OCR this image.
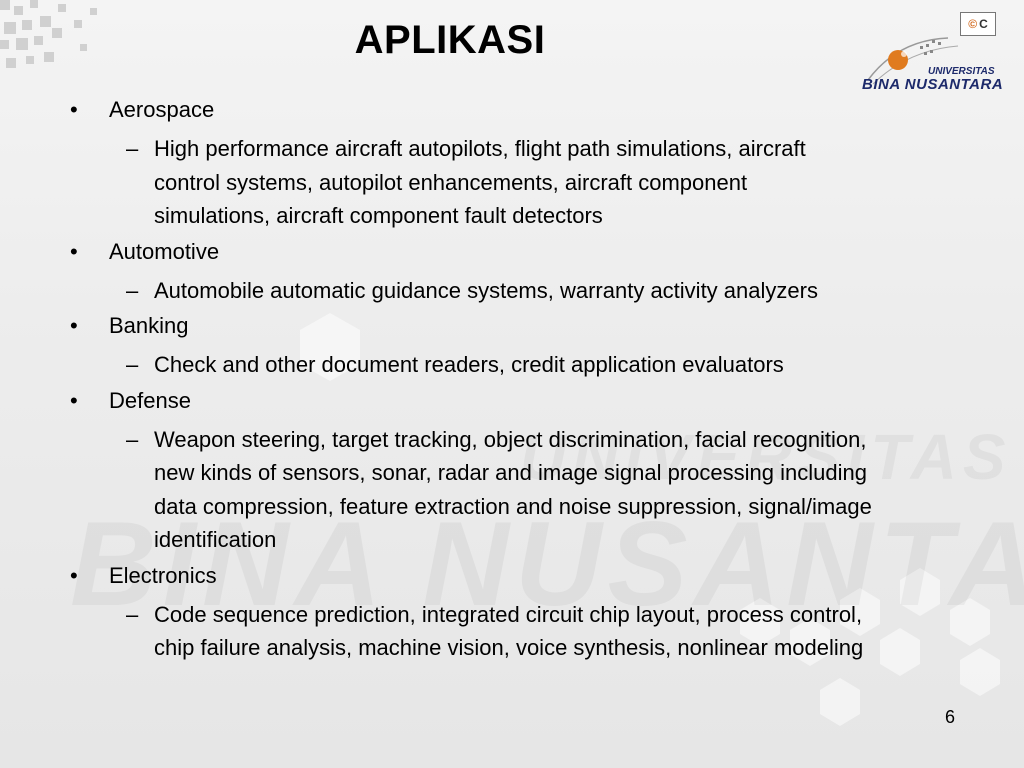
APLIKASI	© C
UNIVERSITAS
BINA NUSANTARA
• Aerospace
– High performance aircraft autopilots, flight path simulations, aircraft control systems, autopilot enhancements, aircraft component simulations, aircraft component fault detectors
• Automotive
– Automobile automatic guidance systems, warranty activity analyzers
• Banking
– Check and other document readers, credit application evaluators
• Defense
– Weapon steering, target tracking, object discrimination, facial recognition, new kinds of sensors, sonar, radar and image signal processing including data compression, feature extraction and noise suppression, signal/image identification
• Electronics
– Code sequence prediction, integrated circuit chip layout, process control, chip failure analysis, machine vision, voice synthesis, nonlinear modeling
6
